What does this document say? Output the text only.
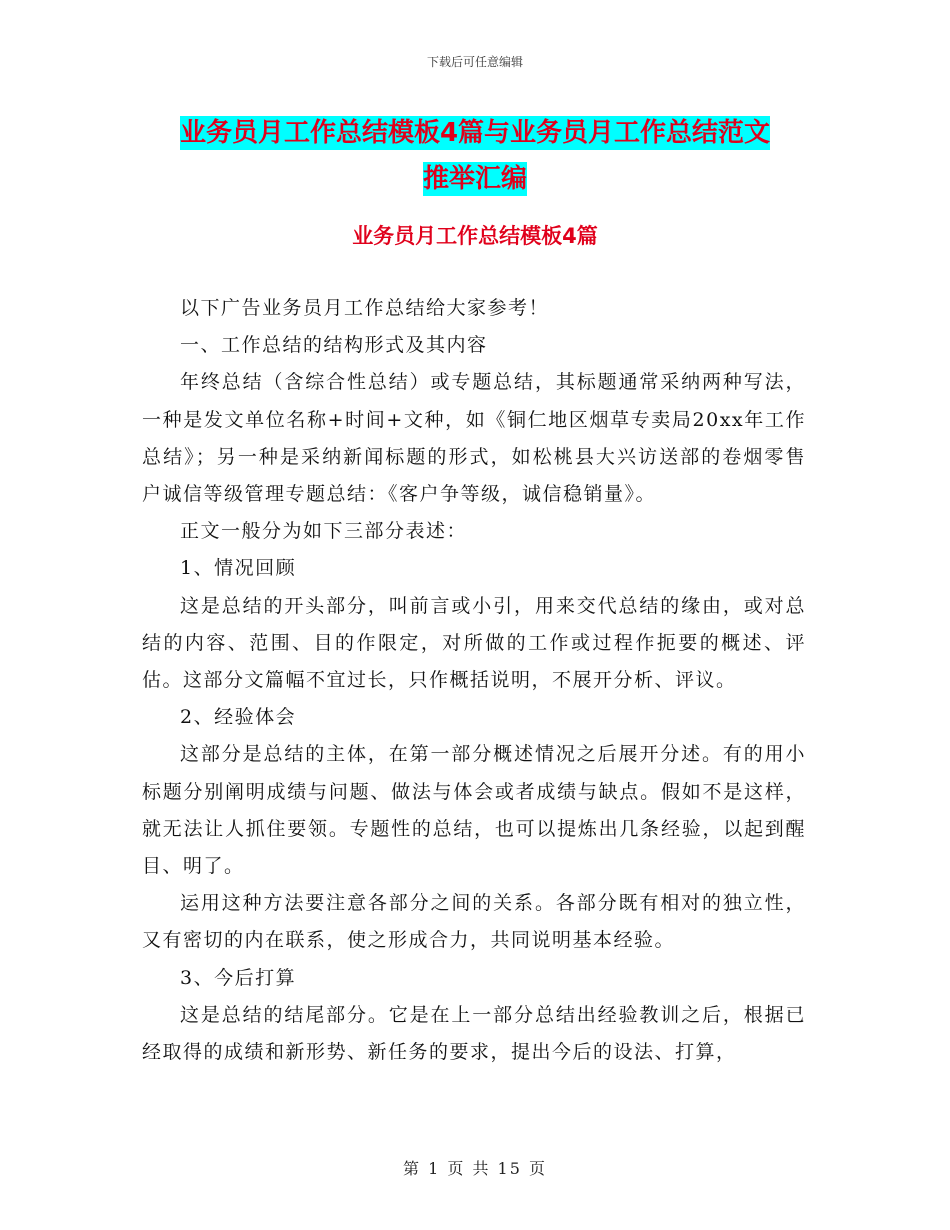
下载后可任意编辑
业务员月工作总结模板4篇与业务员月工作总结范文
推举汇编
业务员月工作总结模板4篇

以下广告业务员月工作总结给大家参考！

一、工作总结的结构形式及其内容

年终总结（含综合性总结）或专题总结，其标题通常采纳两种写法，一种是发文单位名称+时间+文种，如《铜仁地区烟草专卖局20xx年工作总结》；另一种是采纳新闻标题的形式，如松桃县大兴访送部的卷烟零售户诚信等级管理专题总结：《客户争等级，诚信稳销量》。

正文一般分为如下三部分表述：

1、情况回顾

这是总结的开头部分，叫前言或小引，用来交代总结的缘由，或对总结的内容、范围、目的作限定，对所做的工作或过程作扼要的概述、评估。这部分文篇幅不宜过长，只作概括说明，不展开分析、评议。

2、经验体会

这部分是总结的主体，在第一部分概述情况之后展开分述。有的用小标题分别阐明成绩与问题、做法与体会或者成绩与缺点。假如不是这样，就无法让人抓住要领。专题性的总结，也可以提炼出几条经验，以起到醒目、明了。

运用这种方法要注意各部分之间的关系。各部分既有相对的独立性，又有密切的内在联系，使之形成合力，共同说明基本经验。

3、今后打算

这是总结的结尾部分。它是在上一部分总结出经验教训之后，根据已经取得的成绩和新形势、新任务的要求，提出今后的设法、打算，

第 1 页 共 15 页
